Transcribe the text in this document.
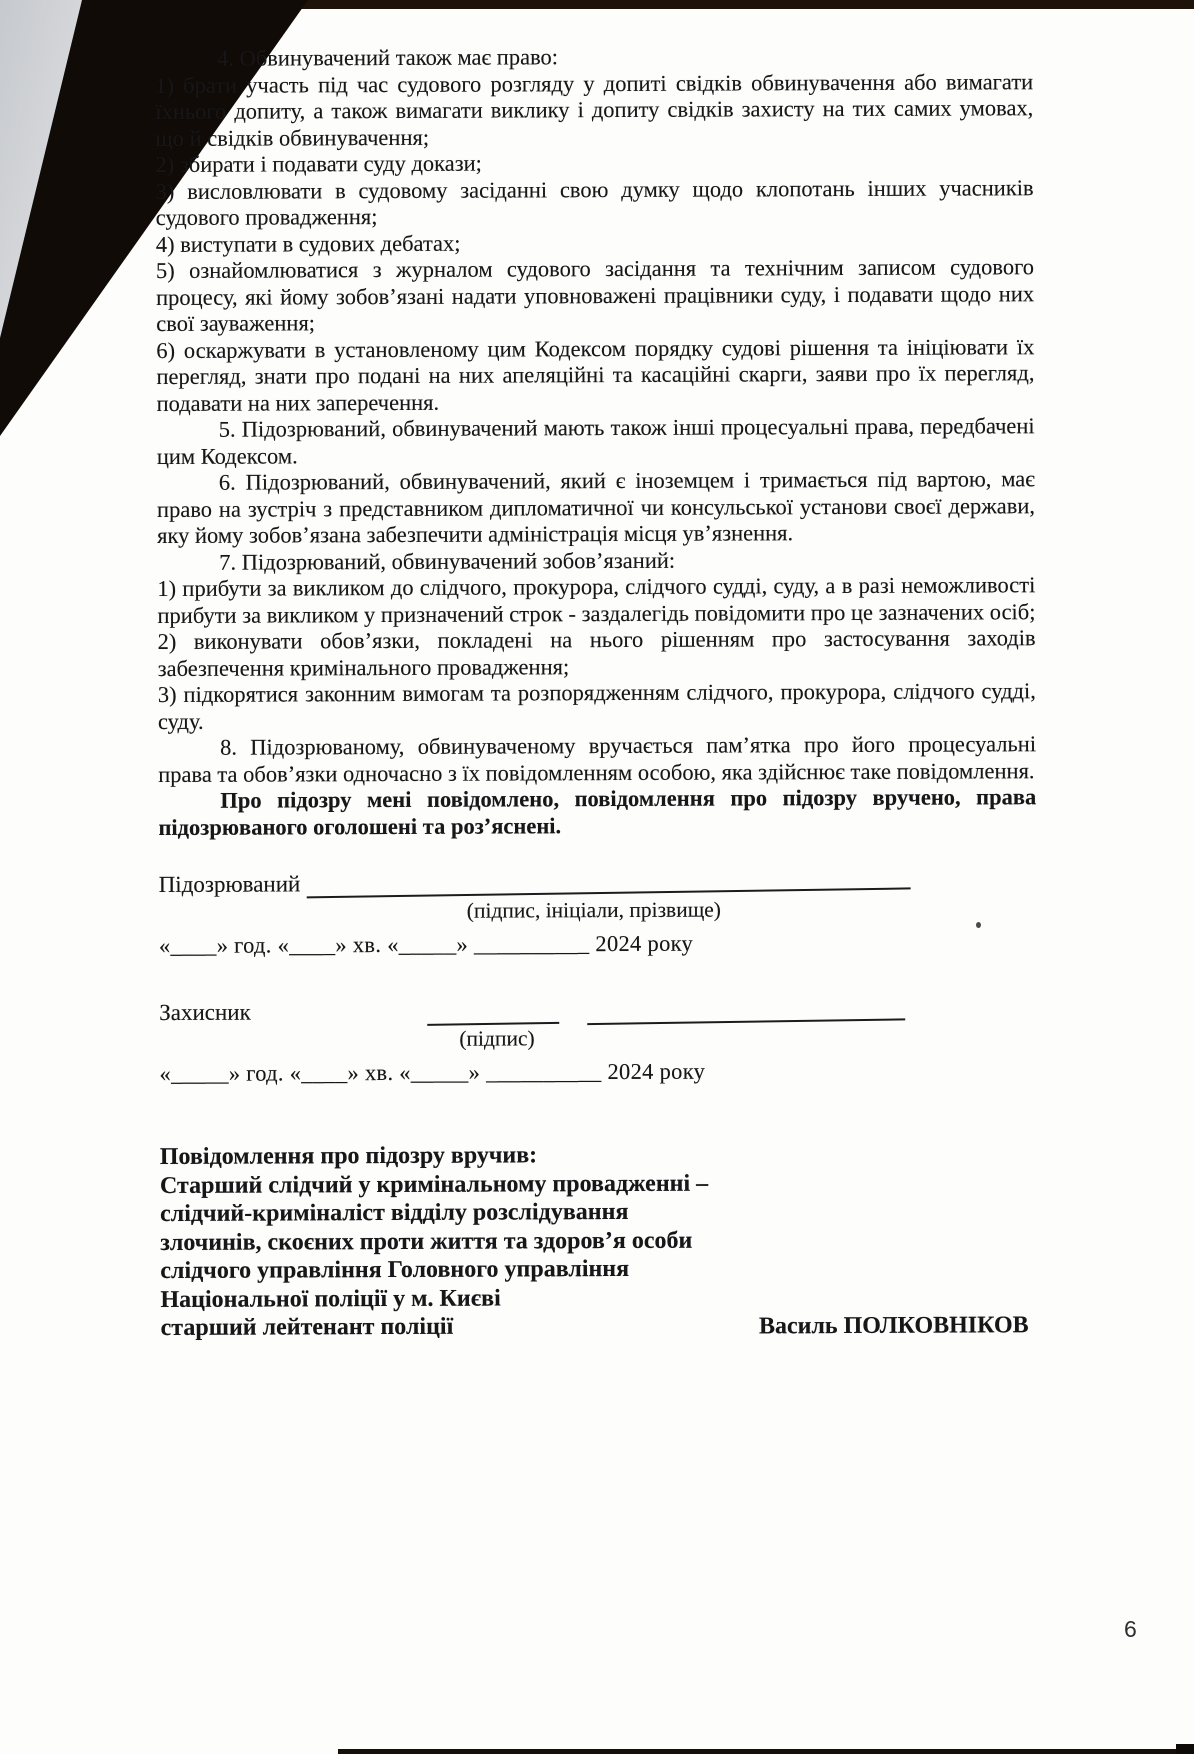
4. Обвинувачений також має право:

1) брати участь під час судового розгляду у допиті свідків обвинувачення або вимагати їхнього допиту, а також вимагати виклику і допиту свідків захисту на тих самих умовах, що й свідків обвинувачення;

2) збирати і подавати суду докази;

3) висловлювати в судовому засіданні свою думку щодо клопотань інших учасників судового провадження;

4) виступати в судових дебатах;

5) ознайомлюватися з журналом судового засідання та технічним записом судового процесу, які йому зобов’язані надати уповноважені працівники суду, і подавати щодо них свої зауваження;

6) оскаржувати в установленому цим Кодексом порядку судові рішення та ініціювати їх перегляд, знати про подані на них апеляційні та касаційні скарги, заяви про їх перегляд, подавати на них заперечення.

5. Підозрюваний, обвинувачений мають також інші процесуальні права, передбачені цим Кодексом.

6. Підозрюваний, обвинувачений, який є іноземцем і тримається під вартою, має право на зустріч з представником дипломатичної чи консульської установи своєї держави, яку йому зобов’язана забезпечити адміністрація місця ув’язнення.

7. Підозрюваний, обвинувачений зобов’язаний:

1) прибути за викликом до слідчого, прокурора, слідчого судді, суду, а в разі неможливості прибути за викликом у призначений строк - заздалегідь повідомити про це зазначених осіб;

2) виконувати обов’язки, покладені на нього рішенням про застосування заходів забезпечення кримінального провадження;

3) підкорятися законним вимогам та розпорядженням слідчого, прокурора, слідчого судді, суду.

8. Підозрюваному, обвинуваченому вручається пам’ятка про його процесуальні права та обов’язки одночасно з їх повідомленням особою, яка здійснює таке повідомлення.

Про підозру мені повідомлено, повідомлення про підозру вручено, права підозрюваного оголошені та роз’яснені.

Підозрюваний
(підпис, ініціали, прізвище)
«____» год. «____» хв. «_____» __________ 2024 року
Захисник
(підпис)
«_____» год. «____» хв. «_____» __________ 2024 року

Повідомлення про підозру вручив:

Старший слідчий у кримінальному провадженні –

слідчий-криміналіст відділу розслідування

злочинів, скоєних проти життя та здоров’я особи

слідчого управління Головного управління

Національної поліції у м. Києві

старший лейтенант поліції	Василь ПОЛКОВНІКОВ
6
